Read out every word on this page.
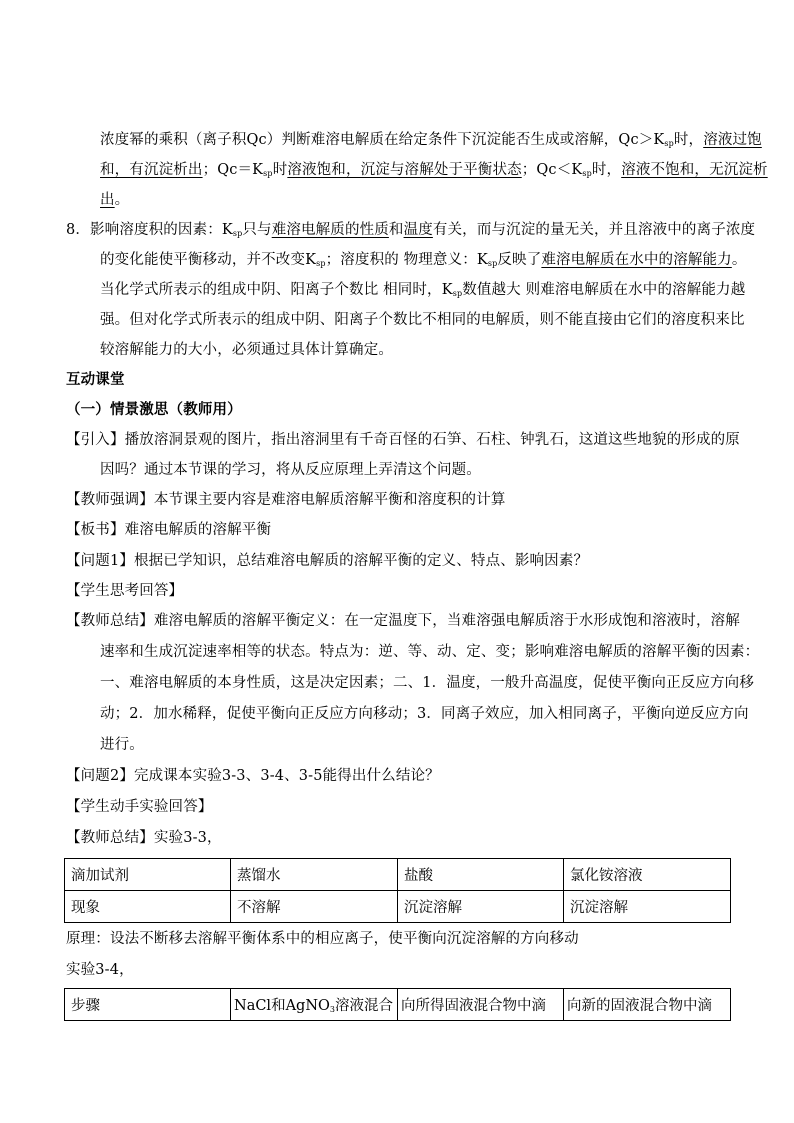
浓度幂的乘积（离子积Qc）判断难溶电解质在给定条件下沉淀能否生成或溶解，$Qc>K_{sp}$时，溶液过饱
和，有沉淀析出；$Qc=K_{sp}$时溶液饱和，沉淀与溶解处于平衡状态；$Qc<K_{sp}$时，溶液不饱和，无沉淀析
出。
8．影响溶度积的因素：$K_{sp}$只与难溶电解质的性质和温度有关，而与沉淀的量无关，并且溶液中的离子浓度
的变化能使平衡移动，并不改变$K_{sp}$；溶度积的 物理意义：$K_{sp}$反映了难溶电解质在水中的溶解能力。
当化学式所表示的组成中阴、阳离子个数比 相同时，$K_{sp}$数值越大 则难溶电解质在水中的溶解能力越
强。但对化学式所表示的组成中阴、阳离子个数比不相同的电解质，则不能直接由它们的溶度积来比
较溶解能力的大小，必须通过具体计算确定。
互动课堂
（一）情景激思（教师用）
【引入】播放溶洞景观的图片，指出溶洞里有千奇百怪的石笋、石柱、钟乳石，这道这些地貌的形成的原
因吗？通过本节课的学习，将从反应原理上弄清这个问题。
【教师强调】本节课主要内容是难溶电解质溶解平衡和溶度积的计算
【板书】难溶电解质的溶解平衡
【问题1】根据已学知识，总结难溶电解质的溶解平衡的定义、特点、影响因素？
【学生思考回答】
【教师总结】难溶电解质的溶解平衡定义：在一定温度下，当难溶强电解质溶于水形成饱和溶液时，溶解
速率和生成沉淀速率相等的状态。特点为：逆、等、动、定、变；影响难溶电解质的溶解平衡的因素：
一、难溶电解质的本身性质，这是决定因素；二、1．温度，一般升高温度，促使平衡向正反应方向移
动；2．加水稀释，促使平衡向正反应方向移动；3．同离子效应，加入相同离子，平衡向逆反应方向
进行。
【问题2】完成课本实验3-3、3-4、3-5能得出什么结论？
【学生动手实验回答】
【教师总结】实验3-3，
滴加试剂	蒸馏水	盐酸	氯化铵溶液
现象	不溶解	沉淀溶解	沉淀溶解
原理：设法不断移去溶解平衡体系中的相应离子，使平衡向沉淀溶解的方向移动
实验3-4，
步骤	NaCl和AgNO$_3$溶液混合	向所得固液混合物中滴	向新的固液混合物中滴
